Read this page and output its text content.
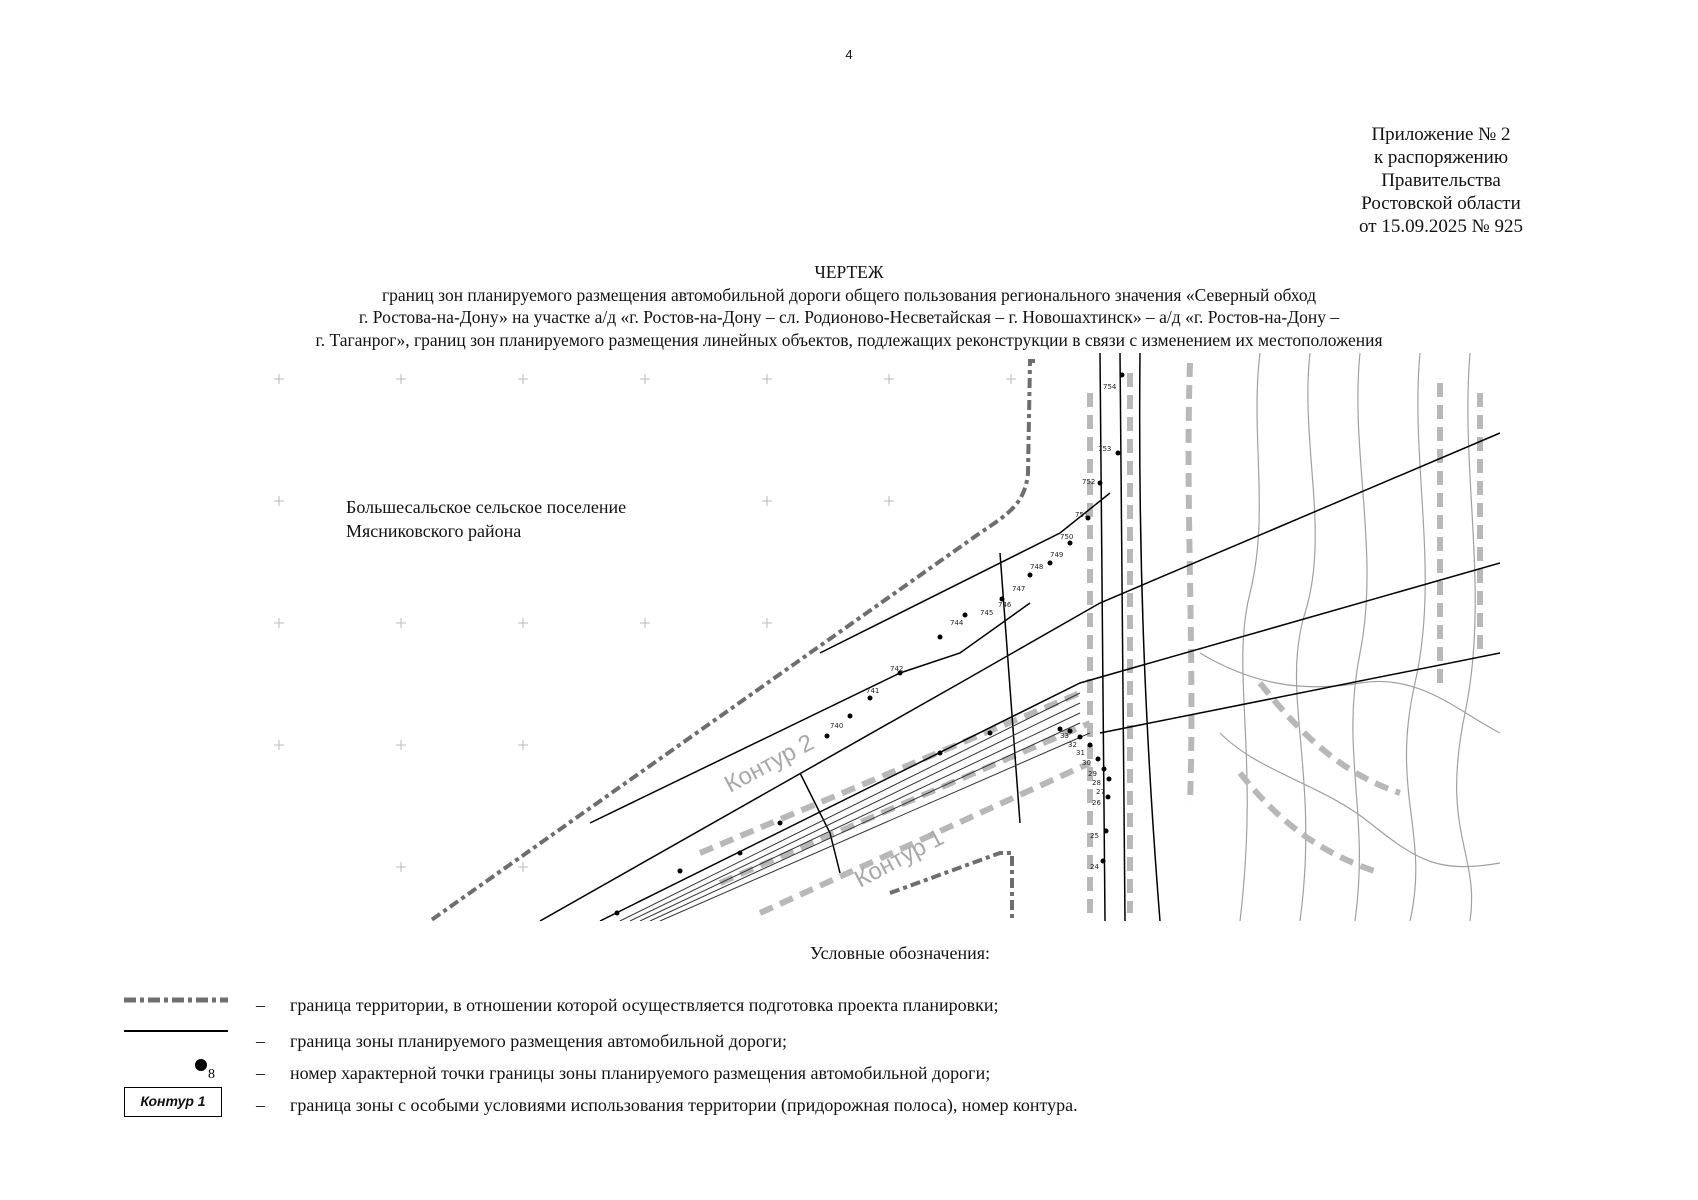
4
Приложение № 2
к распоряжению
Правительства
Ростовской области
от 15.09.2025 № 925
ЧЕРТЕЖ
границ зон планируемого размещения автомобильной дороги общего пользования регионального значения «Северный обход
г. Ростова-на-Дону» на участке а/д «г. Ростов-на-Дону – сл. Родионово-Несветайская – г. Новошахтинск» – а/д «г. Ростов-на-Дону –
г. Таганрог», границ зон планируемого размещения линейных объектов, подлежащих реконструкции в связи с изменением их местоположения
754
753
752
751
750
749
748
747
746
745
744
742
741
740
24
25
26
27
28
29
30
31
32
33
Контур 2
Контур 1
Большесальское сельское поселение
Мясниковского района
Условные обозначения:
– граница территории, в отношении которой осуществляется подготовка проекта планировки;
– граница зоны планируемого размещения автомобильной дороги;
8 – номер характерной точки границы зоны планируемого размещения автомобильной дороги;
Контур 1	– граница зоны с особыми условиями использования территории (придорожная полоса), номер контура.
